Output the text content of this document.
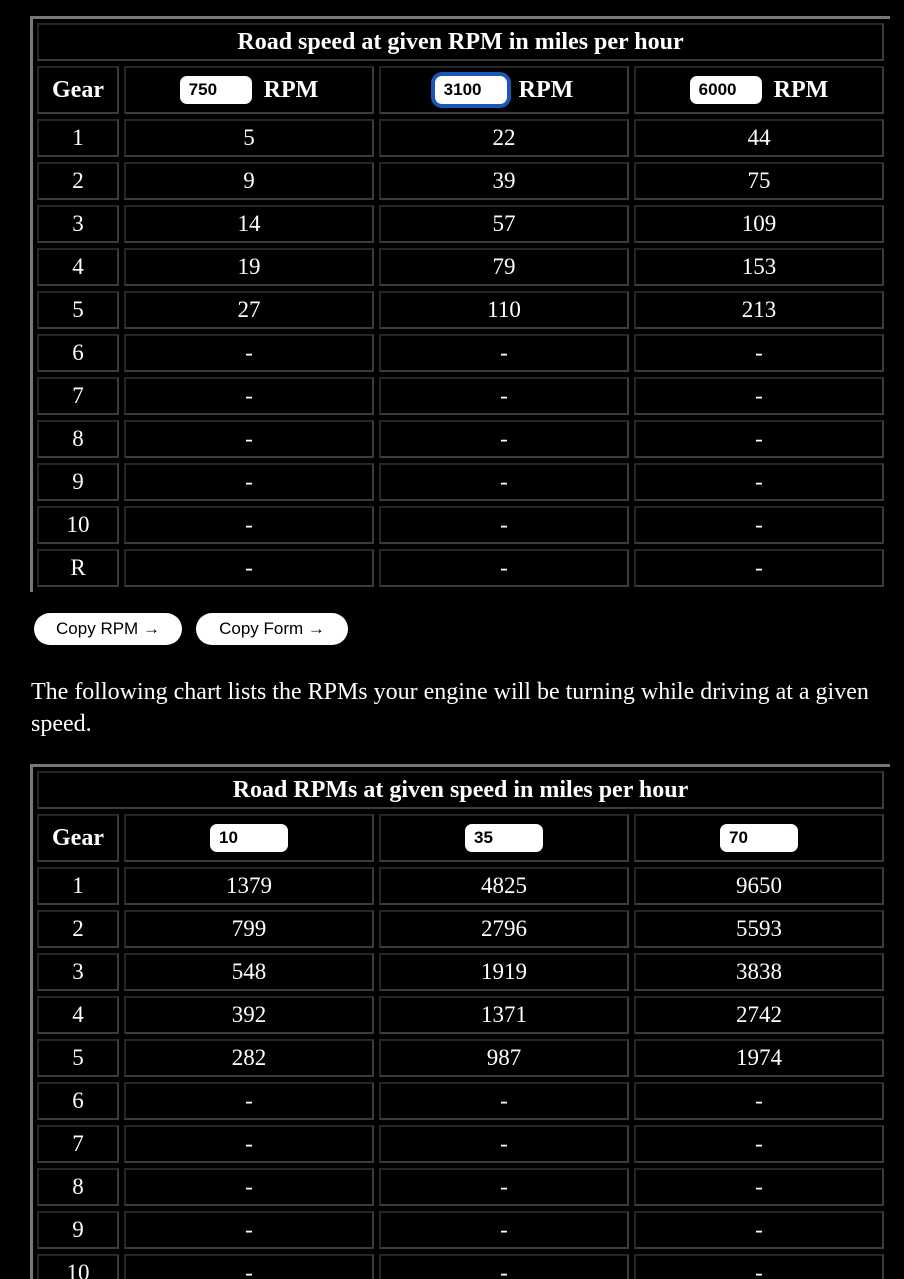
Road speed at given RPM in miles per hour			
Gear	750 RPM	3100 RPM	6000 RPM
1	5	22	44
2	9	39	75
3	14	57	109
4	19	79	153
5	27	110	213
6	-	-	-
7	-	-	-
8	-	-	-
9	-	-	-
10	-	-	-
R	-	-	-
Copy RPM →	Copy Form →
The following chart lists the RPMs your engine will be turning while driving at a given speed.
Road RPMs at given speed in miles per hour			
Gear	10	35	70
1	1379	4825	9650
2	799	2796	5593
3	548	1919	3838
4	392	1371	2742
5	282	987	1974
6	-	-	-
7	-	-	-
8	-	-	-
9	-	-	-
10	-	-	-
